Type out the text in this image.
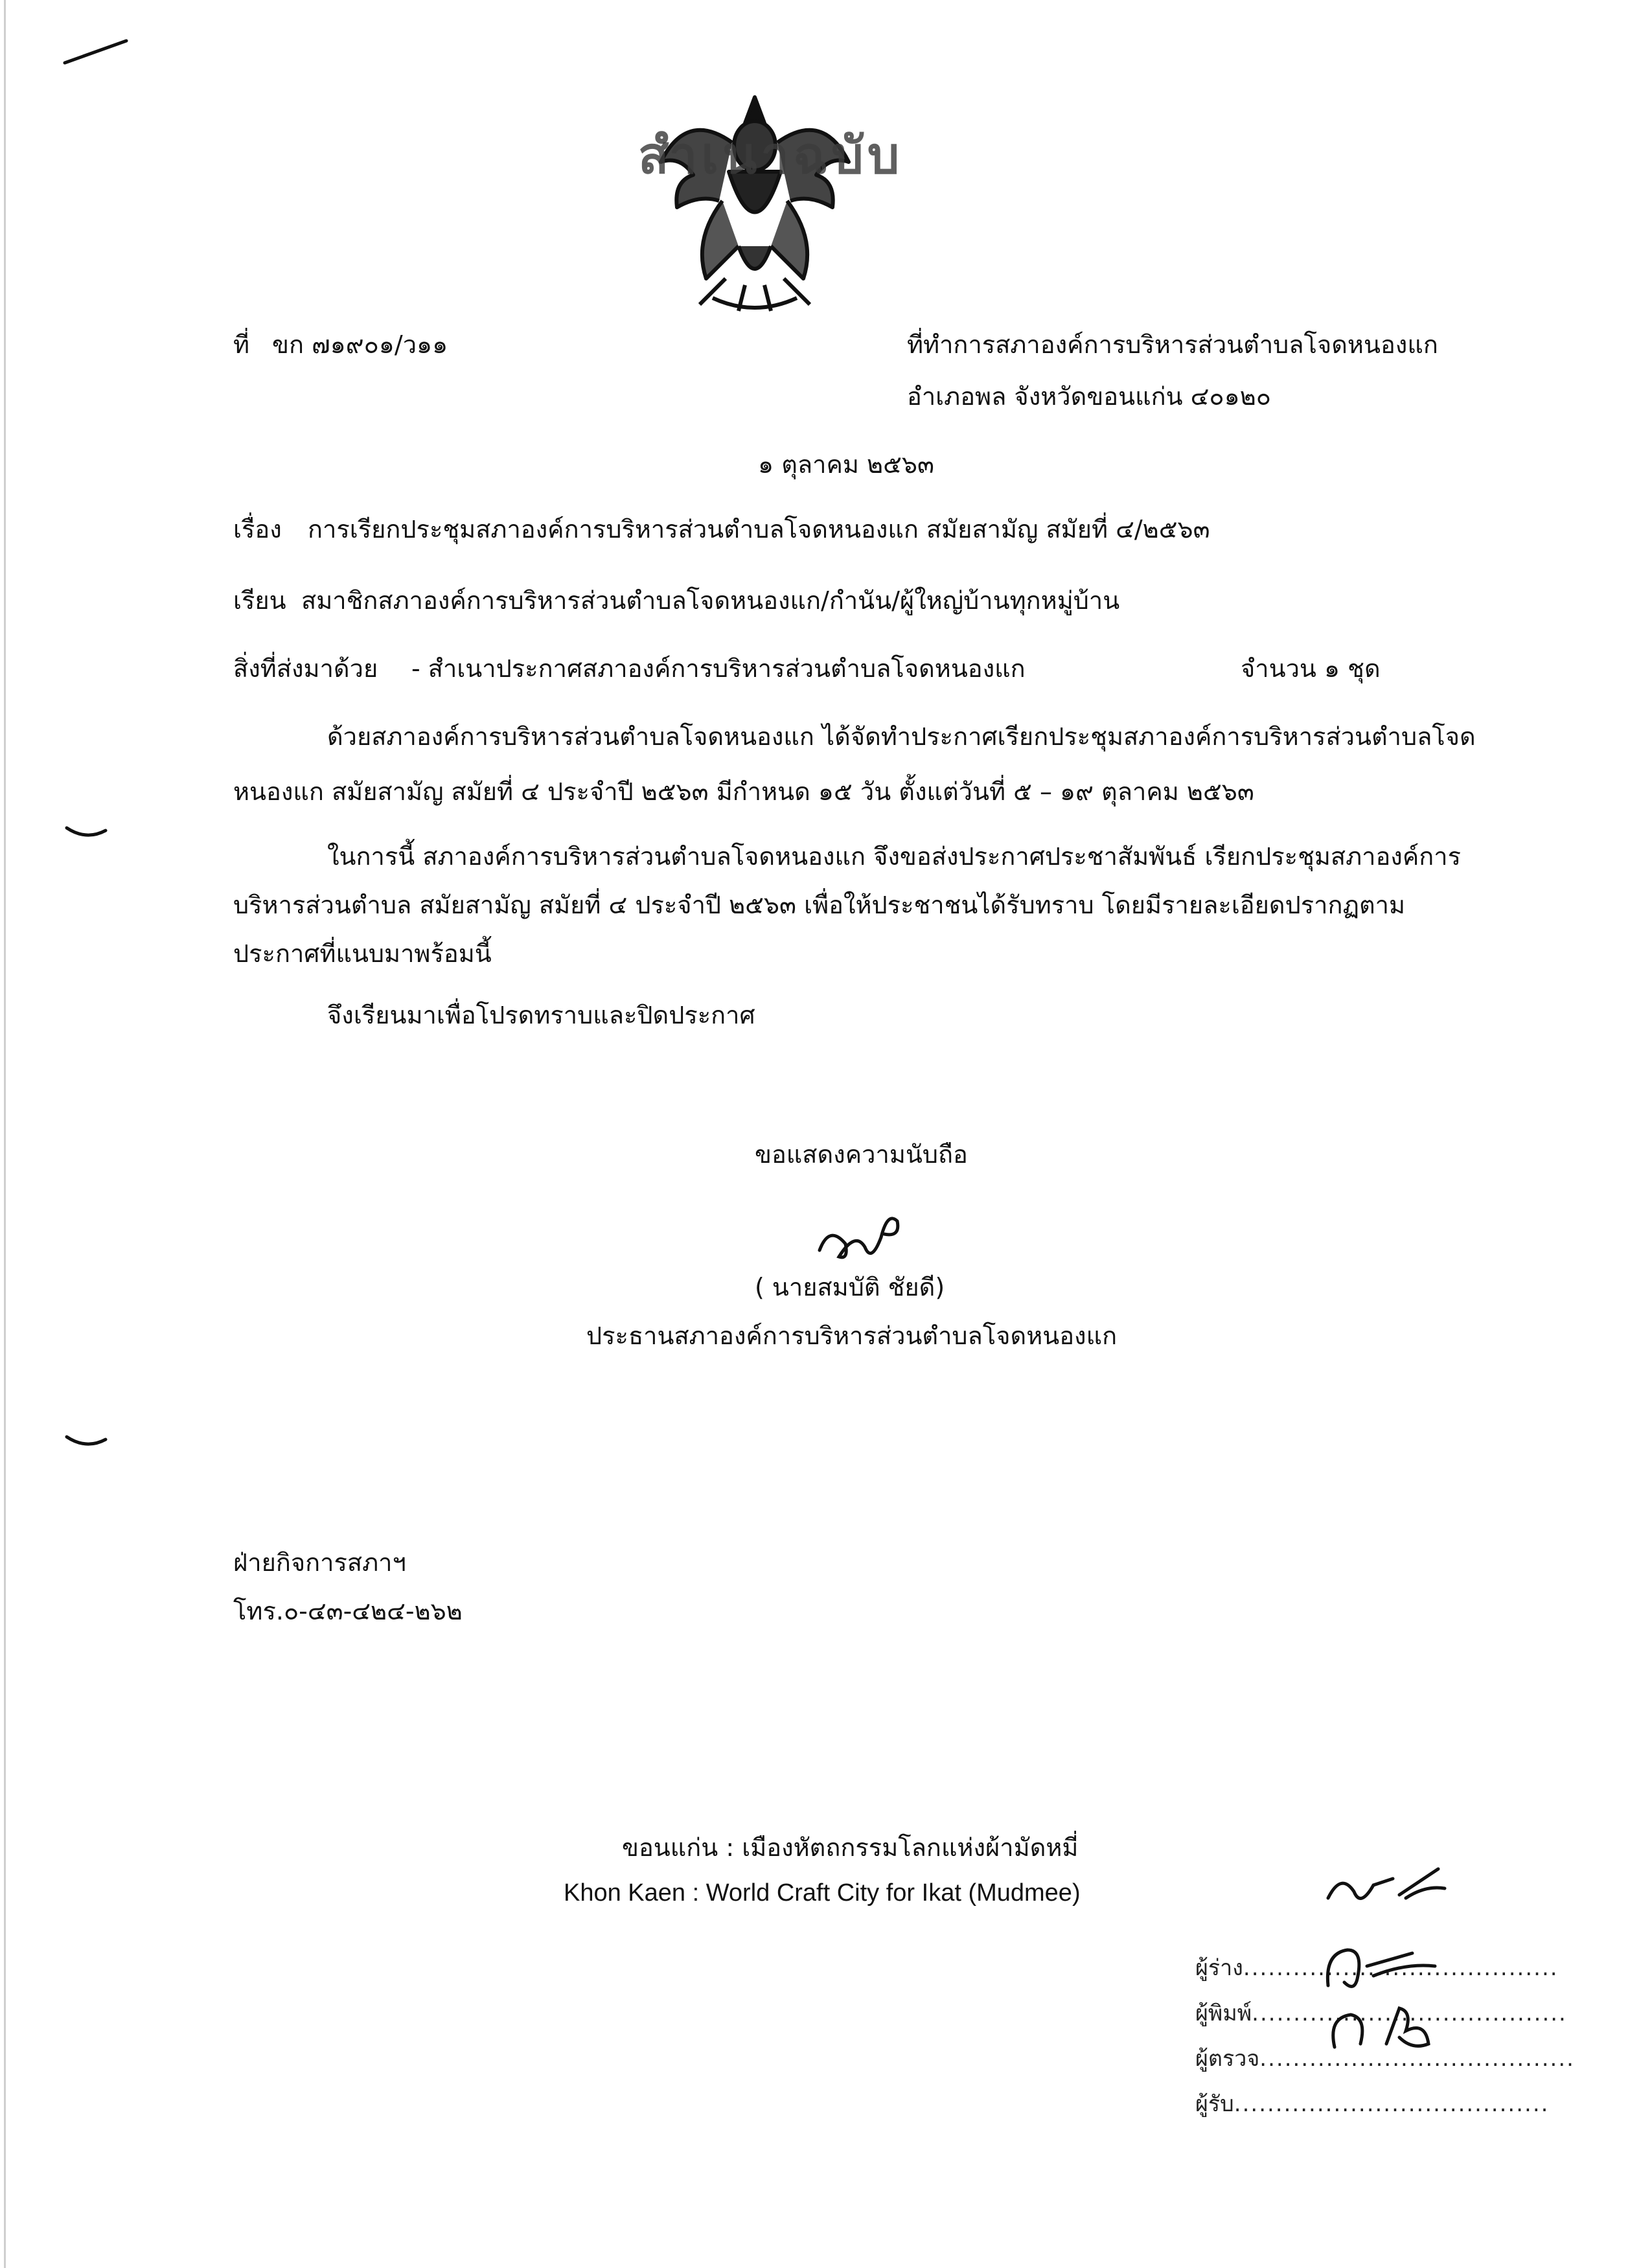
สำเนาฉบับ
ที่ ขก ๗๑๙๐๑/ว๑๑	ที่ทำการสภาองค์การบริหารส่วนตำบลโจดหนองแก
อำเภอพล จังหวัดขอนแก่น ๔๐๑๒๐
๑ ตุลาคม ๒๕๖๓
เรื่อง การเรียกประชุมสภาองค์การบริหารส่วนตำบลโจดหนองแก สมัยสามัญ สมัยที่ ๔/๒๕๖๓
เรียน สมาชิกสภาองค์การบริหารส่วนตำบลโจดหนองแก/กำนัน/ผู้ใหญ่บ้านทุกหมู่บ้าน
สิ่งที่ส่งมาด้วย - สำเนาประกาศสภาองค์การบริหารส่วนตำบลโจดหนองแก	จำนวน ๑ ชุด
ด้วยสภาองค์การบริหารส่วนตำบลโจดหนองแก ได้จัดทำประกาศเรียกประชุมสภาองค์การบริหารส่วนตำบลโจด
หนองแก สมัยสามัญ สมัยที่ ๔ ประจำปี ๒๕๖๓ มีกำหนด ๑๕ วัน ตั้งแต่วันที่ ๕ – ๑๙ ตุลาคม ๒๕๖๓
ในการนี้ สภาองค์การบริหารส่วนตำบลโจดหนองแก จึงขอส่งประกาศประชาสัมพันธ์ เรียกประชุมสภาองค์การ
บริหารส่วนตำบล สมัยสามัญ สมัยที่ ๔ ประจำปี ๒๕๖๓ เพื่อให้ประชาชนได้รับทราบ โดยมีรายละเอียดปรากฏตาม
ประกาศที่แนบมาพร้อมนี้
จึงเรียนมาเพื่อโปรดทราบและปิดประกาศ
ขอแสดงความนับถือ
( นายสมบัติ ชัยดี)
ประธานสภาองค์การบริหารส่วนตำบลโจดหนองแก
ฝ่ายกิจการสภาฯ
โทร.๐-๔๓-๔๒๔-๒๖๒
ขอนแก่น : เมืองหัตถกรรมโลกแห่งผ้ามัดหมี่
Khon Kaen : World Craft City for Ikat (Mudmee)
ผู้ร่าง......................................
ผู้พิมพ์......................................
ผู้ตรวจ......................................
ผู้รับ......................................
